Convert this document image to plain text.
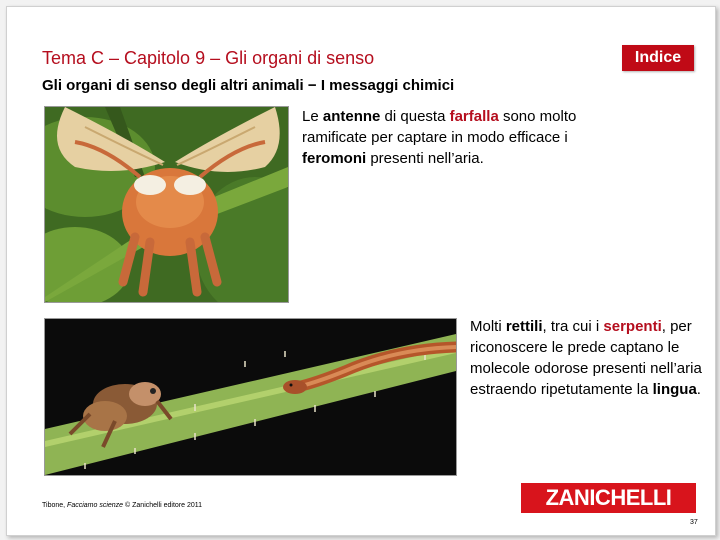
Tema C – Capitolo 9 – Gli organi di senso
Gli organi di senso degli altri animali − I messaggi chimici
Indice

Le antenne di questa farfalla sono molto ramificate per captare in modo efficace i feromoni presenti nell’aria.

Molti rettili, tra cui i serpenti, per riconoscere le prede captano le molecole odorose presenti nell’aria estraendo ripetutamente la lingua.

Tibone, Facciamo scienze © Zanichelli editore 2011	ZANICHELLI
37
